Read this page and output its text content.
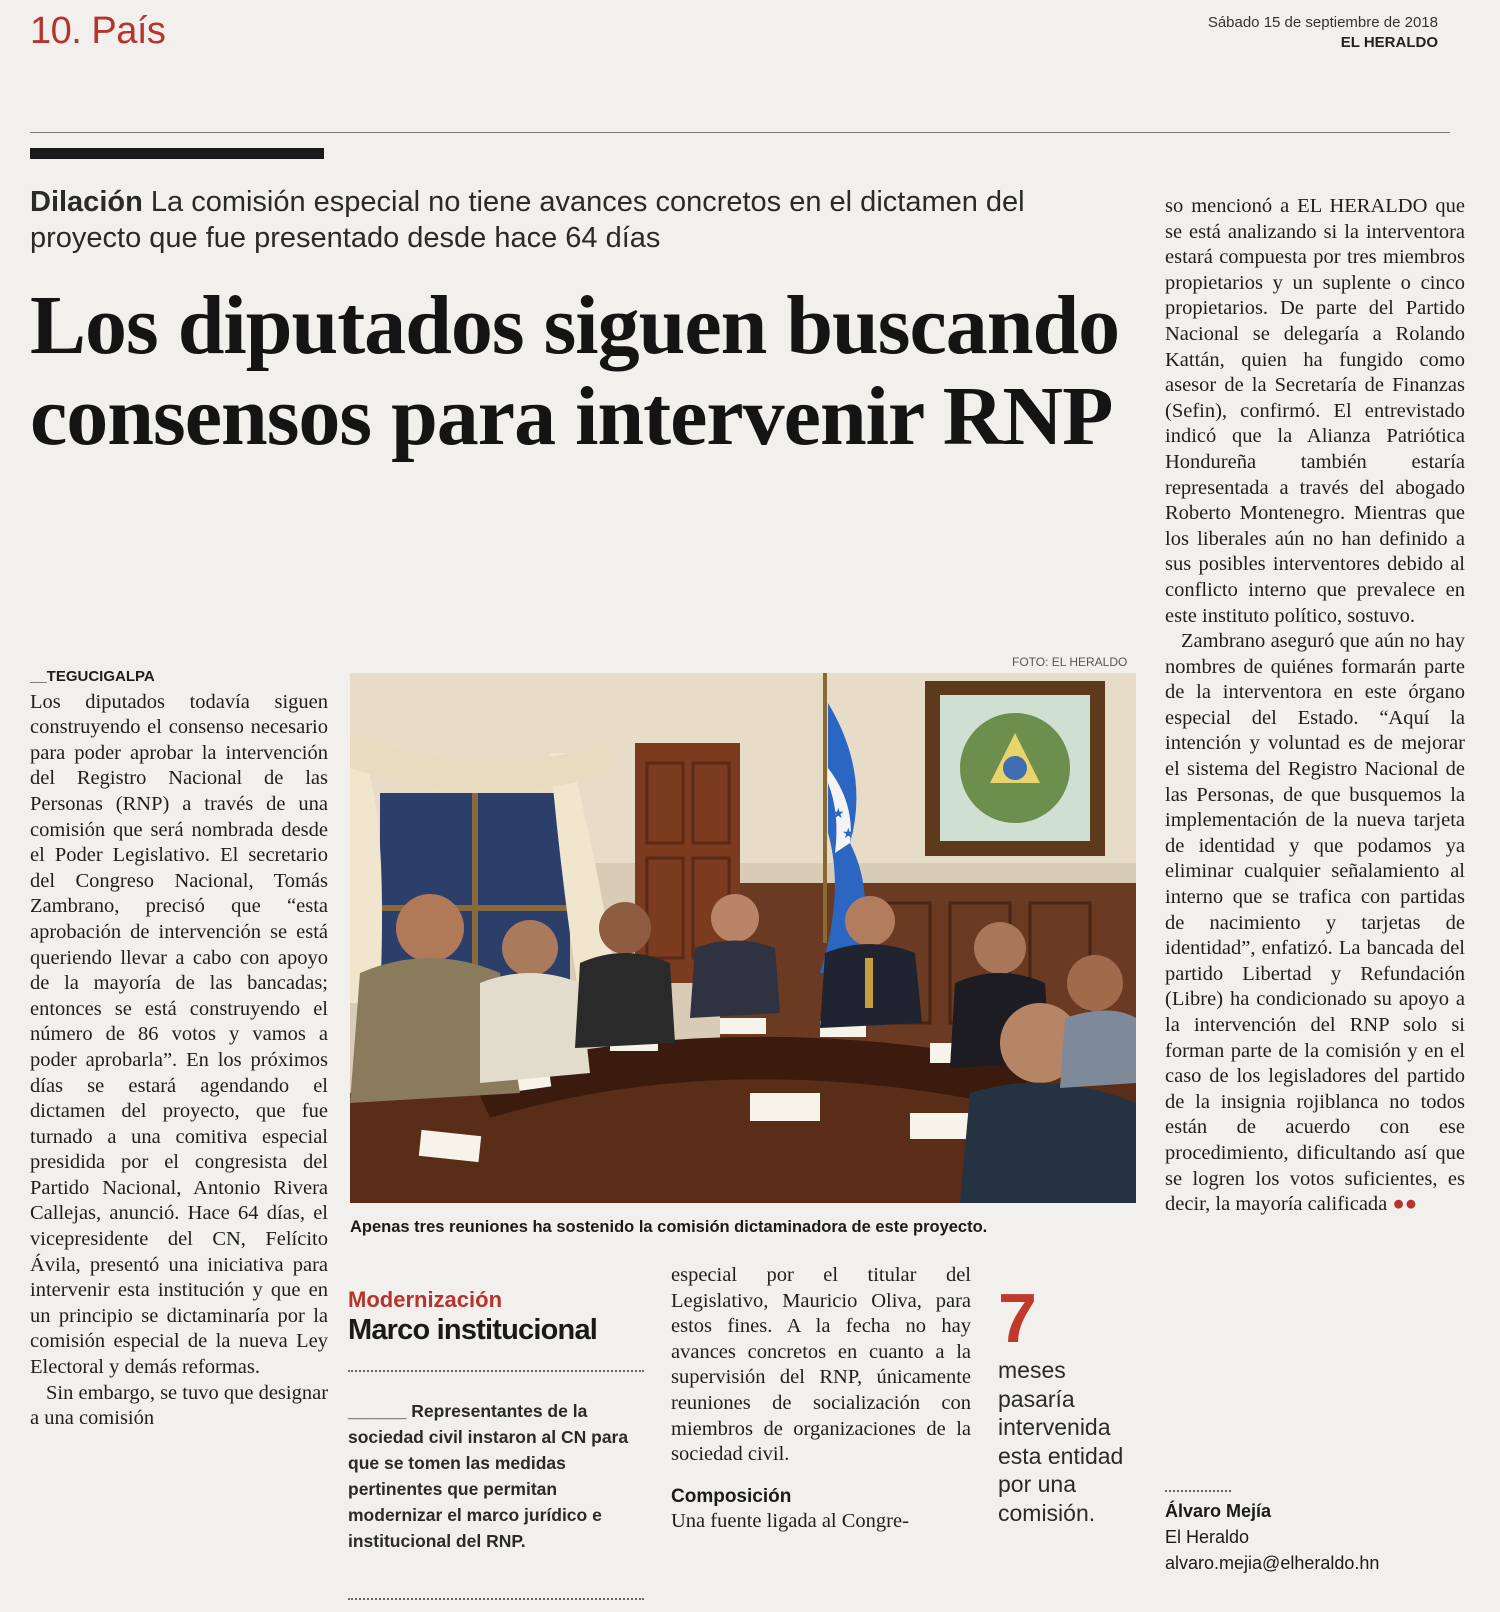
10. País	Sábado 15 de septiembre de 2018
EL HERALDO
Dilación La comisión especial no tiene avances concretos en el dictamen del proyecto que fue presentado desde hace 64 días
Los diputados siguen buscando consensos para intervenir RNP
__TEGUCIGALPA

Los diputados todavía siguen construyendo el consenso necesario para poder aprobar la intervención del Registro Nacional de las Personas (RNP) a través de una comisión que será nombrada desde el Poder Legislativo. El secretario del Congreso Nacional, Tomás Zambrano, precisó que “esta aprobación de intervención se está queriendo llevar a cabo con apoyo de la mayoría de las bancadas; entonces se está construyendo el número de 86 votos y vamos a poder aprobarla”. En los próximos días se estará agendando el dictamen del proyecto, que fue turnado a una comitiva especial presidida por el congresista del Partido Nacional, Antonio Rivera Callejas, anunció. Hace 64 días, el vicepresidente del CN, Felícito Ávila, presentó una iniciativa para intervenir esta institución y que en un principio se dictaminaría por la comisión especial de la nueva Ley Electoral y demás reformas.

Sin embargo, se tuvo que designar a una comisión

FOTO: EL HERALDO
★
★
Apenas tres reuniones ha sostenido la comisión dictaminadora de este proyecto.
Modernización
Marco institucional
______ Representantes de la sociedad civil instaron al CN para que se tomen las medidas pertinentes que permitan modernizar el marco jurídico e institucional del RNP.

especial por el titular del Legislativo, Mauricio Oliva, para estos fines. A la fecha no hay avances concretos en cuanto a la supervisión del RNP, únicamente reuniones de socialización con miembros de organizaciones de la sociedad civil.

Composición

Una fuente ligada al Congre-

7
meses pasaría intervenida esta entidad por una comisión.

so mencionó a EL HERALDO que se está analizando si la interventora estará compuesta por tres miembros propietarios y un suplente o cinco propietarios. De parte del Partido Nacional se delegaría a Rolando Kattán, quien ha fungido como asesor de la Secretaría de Finanzas (Sefin), confirmó. El entrevistado indicó que la Alianza Patriótica Hondureña también estaría representada a través del abogado Roberto Montenegro. Mientras que los liberales aún no han definido a sus posibles interventores debido al conflicto interno que prevalece en este instituto político, sostuvo.

Zambrano aseguró que aún no hay nombres de quiénes formarán parte de la interventora en este órgano especial del Estado. “Aquí la intención y voluntad es de mejorar el sistema del Registro Nacional de las Personas, de que busquemos la implementación de la nueva tarjeta de identidad y que podamos ya eliminar cualquier señalamiento al interno que se trafica con partidas de nacimiento y tarjetas de identidad”, enfatizó. La bancada del partido Libertad y Refundación (Libre) ha condicionado su apoyo a la intervención del RNP solo si forman parte de la comisión y en el caso de los legisladores del partido de la insignia rojiblanca no todos están de acuerdo con ese procedimiento, dificultando así que se logren los votos suficientes, es decir, la mayoría calificada ●●

Álvaro Mejía
El Heraldo
alvaro.mejia@elheraldo.hn
